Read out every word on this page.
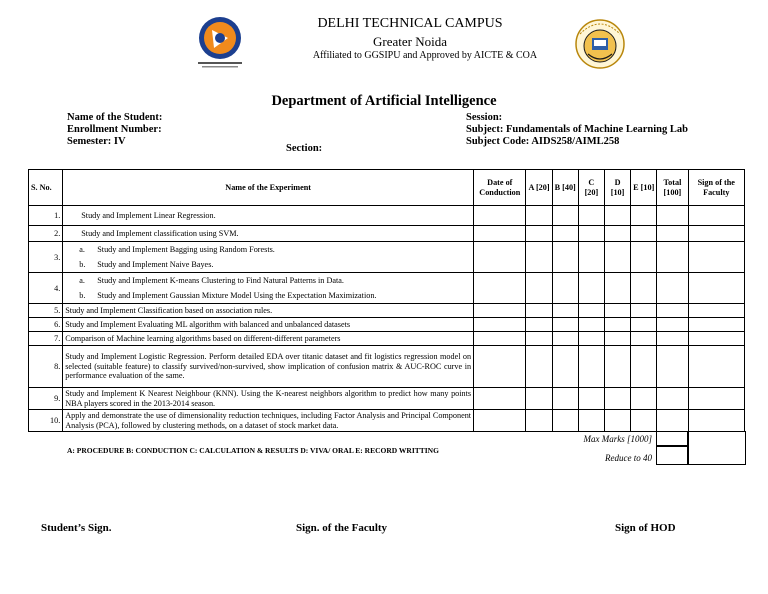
DELHI TECHNICAL CAMPUS
Greater Noida
Affiliated to GGSIPU and Approved by AICTE & COA
Department of Artificial Intelligence
Name of the Student:
Enrollment Number:
Semester: IV
Section:
Session:
Subject: Fundamentals of Machine Learning Lab
Subject Code: AIDS258/AIML258
S. No.	Name of the Experiment	Date of Conduction	A [20]	B [40]	C [20]	D [10]	E [10]	Total [100]	Sign of the Faculty
1.	Study and Implement Linear Regression.								
2.	Study and Implement classification using SVM.								
3.	a. Study and Implement Bagging using Random Forests.
b. Study and Implement Naive Bayes.								

4.	a. Study and Implement K-means Clustering to Find Natural Patterns in Data.
b. Study and Implement Gaussian Mixture Model Using the Expectation Maximization.								

5.	Study and Implement Classification based on association rules.								
6.	Study and Implement Evaluating ML algorithm with balanced and unbalanced datasets								
7.	Comparison of Machine learning algorithms based on different-different parameters								
8.	Study and Implement Logistic Regression. Perform detailed EDA over titanic dataset and fit logistics regression model on selected (suitable feature) to classify survived/non-survived, show implication of confusion matrix & AUC-ROC curve in performance evaluation of the same.								
9.	Study and Implement K Nearest Neighbour (KNN). Using the K-nearest neighbors algorithm to predict how many points NBA players scored in the 2013-2014 season.								
10.	Apply and demonstrate the use of dimensionality reduction techniques, including Factor Analysis and Principal Component Analysis (PCA), followed by clustering methods, on a dataset of stock market data.								
A: PROCEDURE B: CONDUCTION C: CALCULATION & RESULTS D: VIVA/ ORAL E: RECORD WRITTING
Max Marks [1000]
Reduce to 40
Student’s Sign.	Sign. of the Faculty	Sign of HOD
